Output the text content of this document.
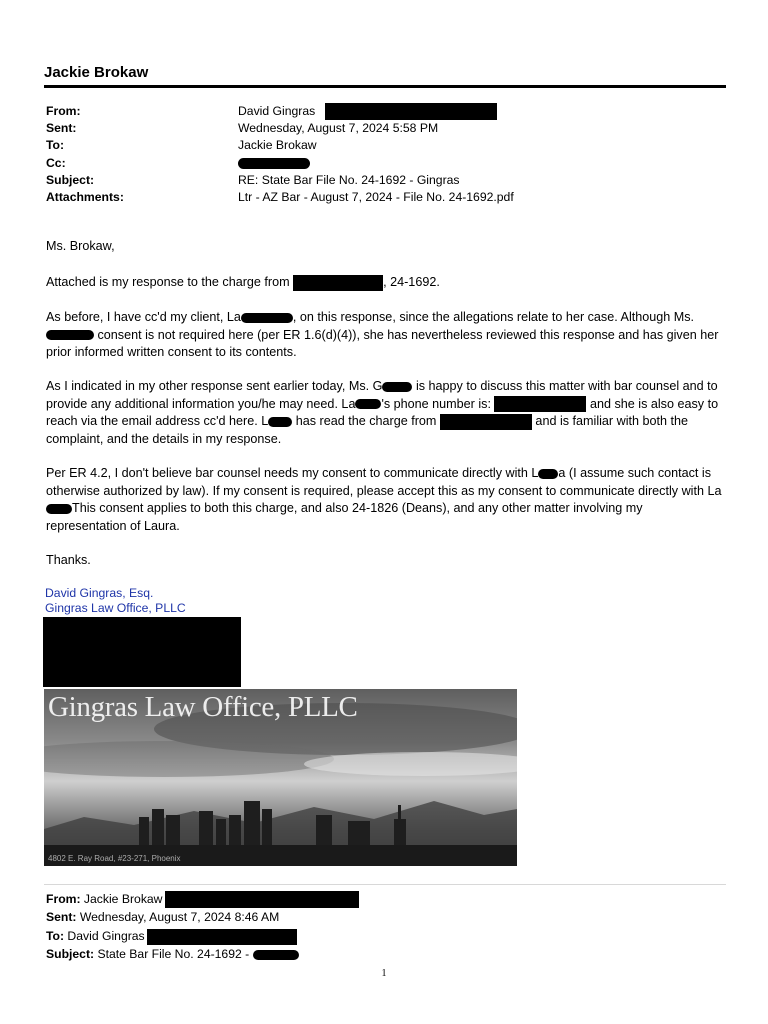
Jackie Brokaw
From:	David Gingras
Sent:	Wednesday, August 7, 2024 5:58 PM
To:	Jackie Brokaw
Cc:
Subject:	RE: State Bar File No. 24-1692 - Gingras
Attachments:	Ltr - AZ Bar - August 7, 2024 - File No. 24-1692.pdf

Ms. Brokaw,

Attached is my response to the charge from	, 24-1692.

As before, I have cc'd my client, La	, on this response, since the allegations relate to her case. Although Ms.  consent is not required here (per ER 1.6(d)(4)), she has nevertheless reviewed this response and has given her prior informed written consent to its contents.

As I indicated in my other response sent earlier today, Ms. G is happy to discuss this matter with bar counsel and to provide any additional information you/he may need. La 's phone number is:	and she is also easy to reach via the email address cc'd here. L has read the charge from	and is familiar with both the complaint, and the details in my response.

Per ER 4.2, I don't believe bar counsel needs my consent to communicate directly with L a (I assume such contact is otherwise authorized by law). If my consent is required, please accept this as my consent to communicate directly with LaThis consent applies to both this charge, and also 24-1826 (Deans), and any other matter involving my representation of Laura.

Thanks.

David Gingras, Esq.
Gingras Law Office, PLLC
Gingras Law Office, PLLC
4802 E. Ray Road, #23-271, Phoenix
From: Jackie Brokaw
Sent: Wednesday, August 7, 2024 8:46 AM
To: David Gingras
Subject: State Bar File No. 24-1692 -
1
